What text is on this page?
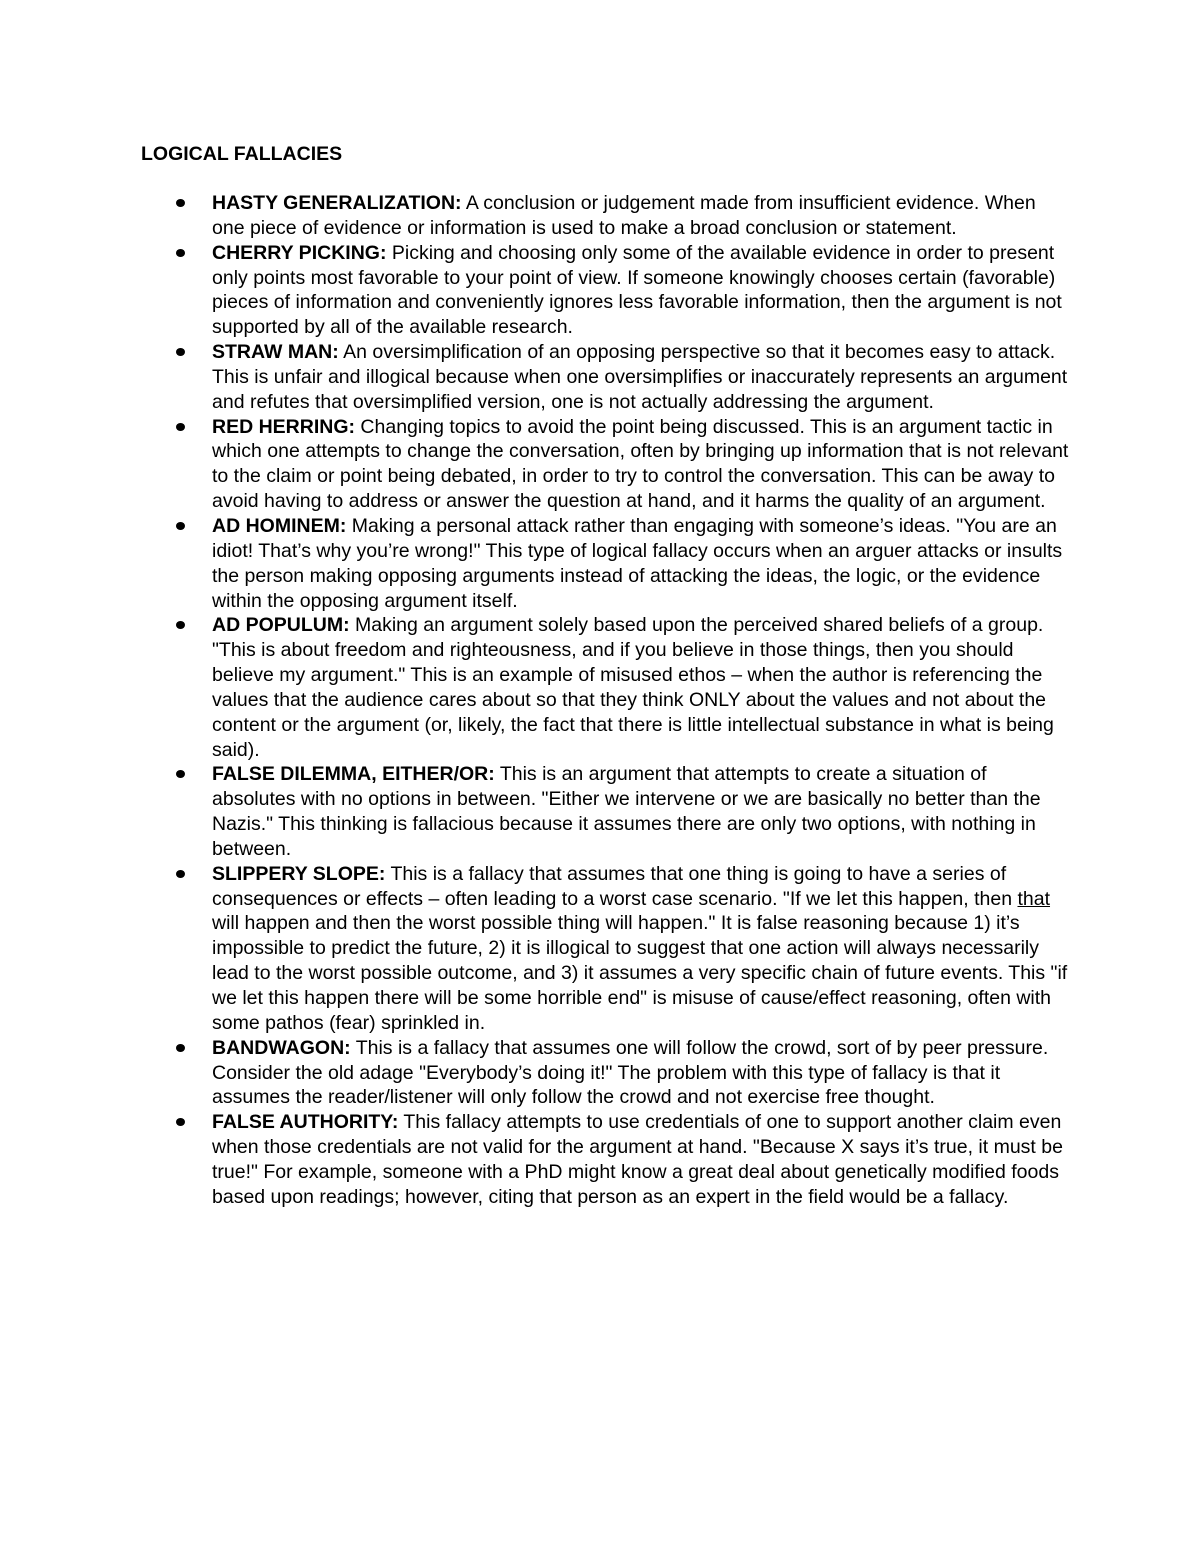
LOGICAL FALLACIES
HASTY GENERALIZATION: A conclusion or judgement made from insufficient evidence. When one piece of evidence or information is used to make a broad conclusion or statement.
CHERRY PICKING: Picking and choosing only some of the available evidence in order to present only points most favorable to your point of view. If someone knowingly chooses certain (favorable) pieces of information and conveniently ignores less favorable information, then the argument is not supported by all of the available research.
STRAW MAN: An oversimplification of an opposing perspective so that it becomes easy to attack. This is unfair and illogical because when one oversimplifies or inaccurately represents an argument and refutes that oversimplified version, one is not actually addressing the argument.
RED HERRING: Changing topics to avoid the point being discussed. This is an argument tactic in which one attempts to change the conversation, often by bringing up information that is not relevant to the claim or point being debated, in order to try to control the conversation. This can be away to avoid having to address or answer the question at hand, and it harms the quality of an argument.
AD HOMINEM: Making a personal attack rather than engaging with someone’s ideas. "You are an idiot! That’s why you’re wrong!" This type of logical fallacy occurs when an arguer attacks or insults the person making opposing arguments instead of attacking the ideas, the logic, or the evidence within the opposing argument itself.
AD POPULUM: Making an argument solely based upon the perceived shared beliefs of a group. "This is about freedom and righteousness, and if you believe in those things, then you should believe my argument." This is an example of misused ethos – when the author is referencing the values that the audience cares about so that they think ONLY about the values and not about the content or the argument (or, likely, the fact that there is little intellectual substance in what is being said).
FALSE DILEMMA, EITHER/OR: This is an argument that attempts to create a situation of absolutes with no options in between. "Either we intervene or we are basically no better than the Nazis." This thinking is fallacious because it assumes there are only two options, with nothing in between.
SLIPPERY SLOPE: This is a fallacy that assumes that one thing is going to have a series of consequences or effects – often leading to a worst case scenario. "If we let this happen, then that will happen and then the worst possible thing will happen." It is false reasoning because 1) it’s impossible to predict the future, 2) it is illogical to suggest that one action will always necessarily lead to the worst possible outcome, and 3) it assumes a very specific chain of future events. This "if we let this happen there will be some horrible end" is misuse of cause/effect reasoning, often with some pathos (fear) sprinkled in.
BANDWAGON: This is a fallacy that assumes one will follow the crowd, sort of by peer pressure. Consider the old adage "Everybody’s doing it!" The problem with this type of fallacy is that it assumes the reader/listener will only follow the crowd and not exercise free thought.
FALSE AUTHORITY: This fallacy attempts to use credentials of one to support another claim even when those credentials are not valid for the argument at hand. "Because X says it’s true, it must be true!" For example, someone with a PhD might know a great deal about genetically modified foods based upon readings; however, citing that person as an expert in the field would be a fallacy.
